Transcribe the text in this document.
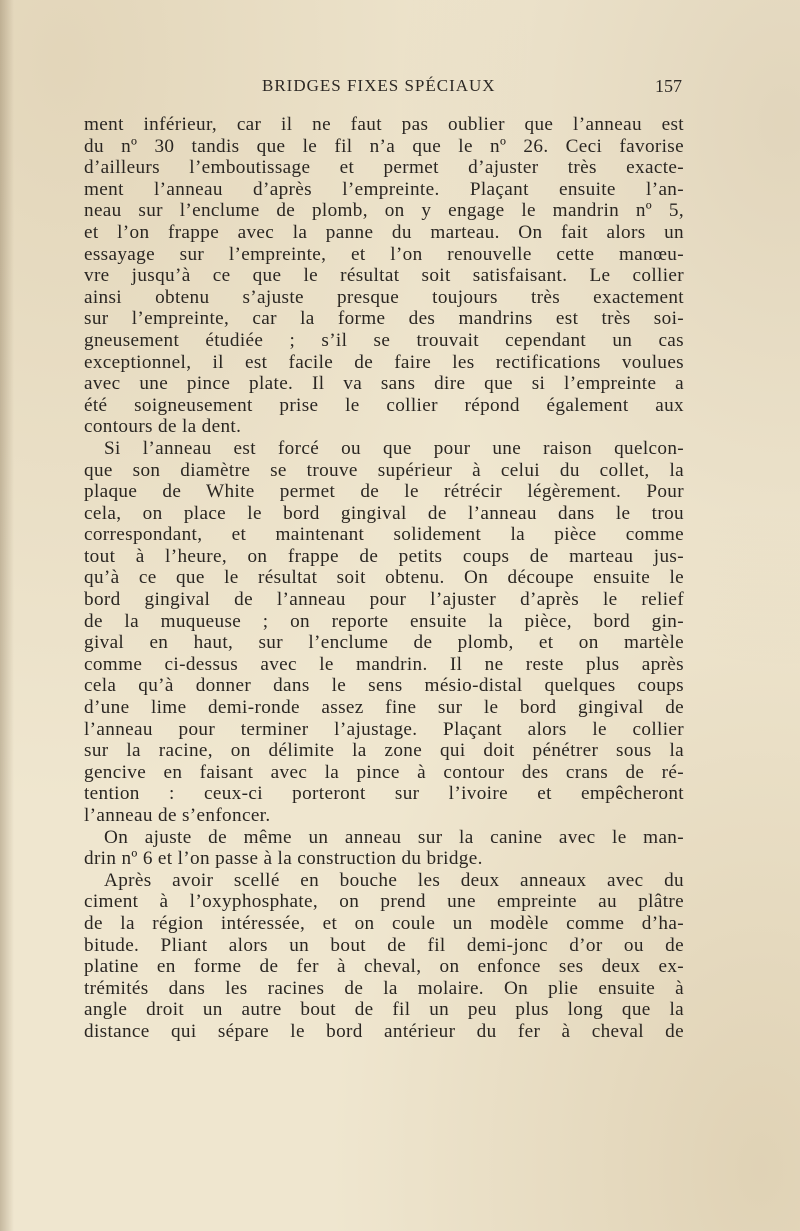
BRIDGES FIXES SPÉCIAUX	157
ment inférieur, car il ne faut pas oublier que l’anneau est
du nº 30 tandis que le fil n’a que le nº 26. Ceci favorise
d’ailleurs l’emboutissage et permet d’ajuster très exacte-
ment l’anneau d’après l’empreinte. Plaçant ensuite l’an-
neau sur l’enclume de plomb, on y engage le mandrin nº 5,
et l’on frappe avec la panne du marteau. On fait alors un
essayage sur l’empreinte, et l’on renouvelle cette manœu-
vre jusqu’à ce que le résultat soit satisfaisant. Le collier
ainsi obtenu s’ajuste presque toujours très exactement
sur l’empreinte, car la forme des mandrins est très soi-
gneusement étudiée ; s’il se trouvait cependant un cas
exceptionnel, il est facile de faire les rectifications voulues
avec une pince plate. Il va sans dire que si l’empreinte a
été soigneusement prise le collier répond également aux
contours de la dent.
Si l’anneau est forcé ou que pour une raison quelcon-
que son diamètre se trouve supérieur à celui du collet, la
plaque de White permet de le rétrécir légèrement. Pour
cela, on place le bord gingival de l’anneau dans le trou
correspondant, et maintenant solidement la pièce comme
tout à l’heure, on frappe de petits coups de marteau jus-
qu’à ce que le résultat soit obtenu. On découpe ensuite le
bord gingival de l’anneau pour l’ajuster d’après le relief
de la muqueuse ; on reporte ensuite la pièce, bord gin-
gival en haut, sur l’enclume de plomb, et on martèle
comme ci-dessus avec le mandrin. Il ne reste plus après
cela qu’à donner dans le sens mésio-distal quelques coups
d’une lime demi-ronde assez fine sur le bord gingival de
l’anneau pour terminer l’ajustage. Plaçant alors le collier
sur la racine, on délimite la zone qui doit pénétrer sous la
gencive en faisant avec la pince à contour des crans de ré-
tention : ceux-ci porteront sur l’ivoire et empêcheront
l’anneau de s’enfoncer.
On ajuste de même un anneau sur la canine avec le man-
drin nº 6 et l’on passe à la construction du bridge.
Après avoir scellé en bouche les deux anneaux avec du
ciment à l’oxyphosphate, on prend une empreinte au plâtre
de la région intéressée, et on coule un modèle comme d’ha-
bitude. Pliant alors un bout de fil demi-jonc d’or ou de
platine en forme de fer à cheval, on enfonce ses deux ex-
trémités dans les racines de la molaire. On plie ensuite à
angle droit un autre bout de fil un peu plus long que la
distance qui sépare le bord antérieur du fer à cheval de
